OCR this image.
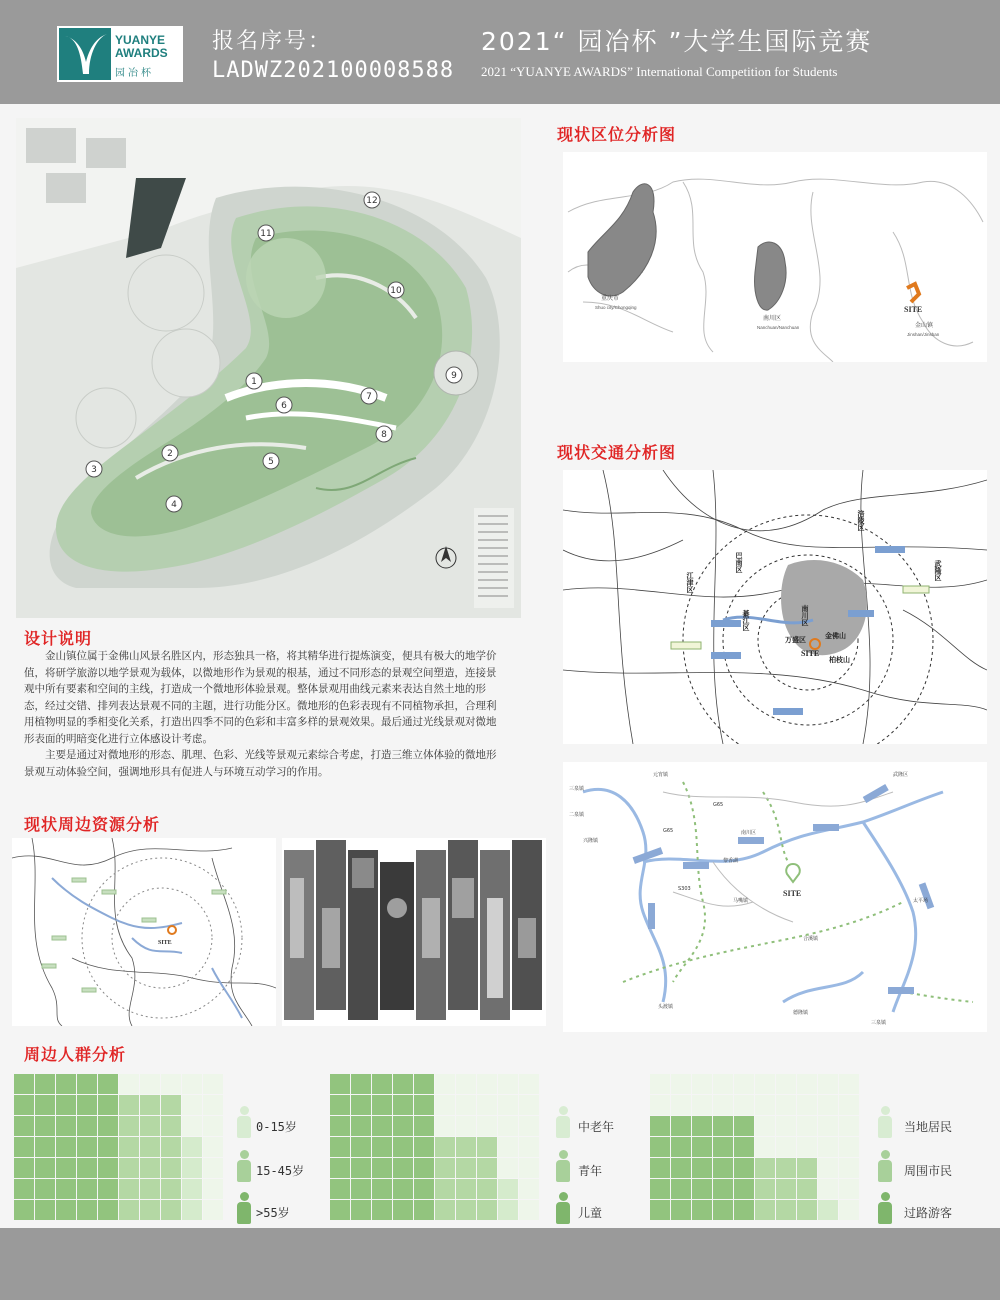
YUANYE
AWARDS
园冶杯
报名序号：
LADWZ202100008588
2021“ 园冶杯 ”大学生国际竞赛
2021 “YUANYE AWARDS” International Competition for Students
1
2
3
4
5
6
7
8
9
10
11
12
现状区位分析图
重庆市
Shuo city/Chongqing
南川区
Nanchuan/Nanchuan
SITE
金山镇
Jinshan/Jinshan
现状交通分析图
涪陵区
武隆区
巴南区
江津区
綦江区	南川区
金佛山
万盛区
柏枝山
SITE
SITE
元宵镇	武隆区
三泉镇
二泉镇
兴隆镇
G65
南川区
G65
S303
黎香湖
马嘴镇	太平场
合溪镇
头渡镇
德隆镇
三泉镇
设计说明

金山镇位属于金佛山风景名胜区内，形态独具一格，将其精华进行提炼演变，便具有极大的地学价值，将研学旅游以地学景观为载体，以微地形作为景观的根基，通过不同形态的景观空间塑造，连接景观中所有要素和空间的主线，打造成一个微地形体验景观。整体景观用曲线元素来表达自然土地的形态，经过交错、排列表达景观不同的主题，进行功能分区。微地形的色彩表现有不同植物承担，合理利用植物明显的季相变化关系，打造出四季不同的色彩和丰富多样的景观效果。最后通过光线景观对微地形表面的明暗变化进行立体感设计考虑。

主要是通过对微地形的形态、肌理、色彩、光线等景观元素综合考虑，打造三维立体体验的微地形景观互动体验空间，强调地形具有促进人与环境互动学习的作用。

现状周边资源分析
SITE
周边人群分析
0-15岁
15-45岁
>55岁
中老年
青年
儿童
当地居民
周围市民
过路游客
